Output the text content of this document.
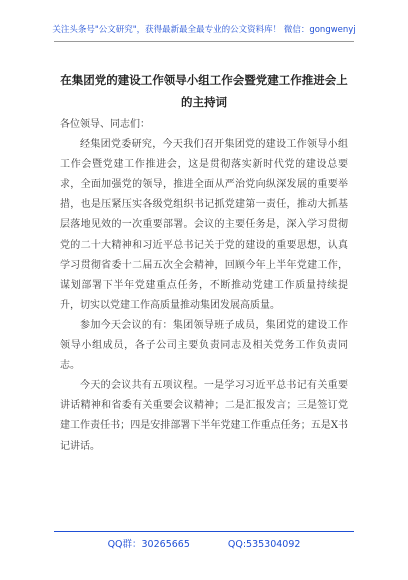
关注头条号"公文研究"，获得最新最全最专业的公文资料库！ 微信：gongwenyj
在集团党的建设工作领导小组工作会暨党建工作推进会上
的主持词

各位领导、同志们：

经集团党委研究，今天我们召开集团党的建设工作领导小组工作会暨党建工作推进会，这是贯彻落实新时代党的建设总要求，全面加强党的领导，推进全面从严治党向纵深发展的重要举措，也是压紧压实各级党组织书记抓党建第一责任，推动大抓基层落地见效的一次重要部署。会议的主要任务是，深入学习贯彻党的二十大精神和习近平总书记关于党的建设的重要思想，认真学习贯彻省委十二届五次全会精神，回顾今年上半年党建工作，谋划部署下半年党建重点任务，不断推动党建工作质量持续提升，切实以党建工作高质量推动集团发展高质量。

参加今天会议的有：集团领导班子成员，集团党的建设工作领导小组成员，各子公司主要负责同志及相关党务工作负责同志。

今天的会议共有五项议程。一是学习习近平总书记有关重要讲话精神和省委有关重要会议精神；二是汇报发言；三是签订党建工作责任书；四是安排部署下半年党建工作重点任务；五是X书记讲话。

QQ群：30265665	QQ:535304092
